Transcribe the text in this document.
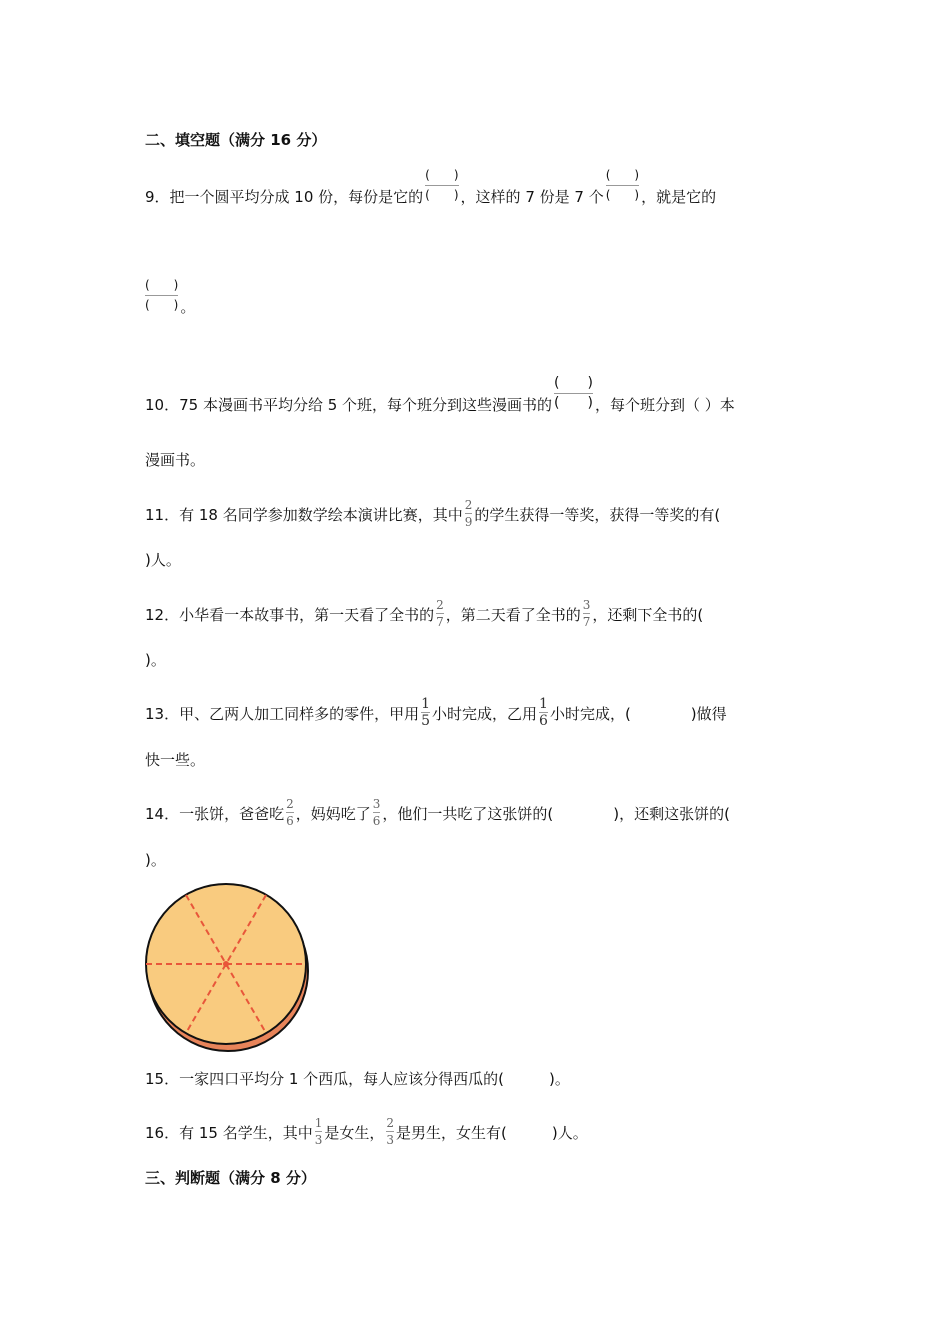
二、填空题（满分 16 分）
9．把一个圆平均分成 10 份，每份是它的
(　　)
(　　) ，这样的 7 份是 7 个
(　　)
(　　) ，就是它的
(　　)
(　　) 。
10．75 本漫画书平均分给 5 个班，每个班分到这些漫画书的
(　　)
(　　) ，每个班分到（ ）本
漫画书。
11．有 18 名同学参加数学绘本演讲比赛，其中 $\frac{2}{9}$ 的学生获得一等奖，获得一等奖的有(
)人。
12．小华看一本故事书，第一天看了全书的 $\frac{2}{7}$ ，第二天看了全书的 $\frac{3}{7}$ ，还剩下全书的(
)。
13．甲、乙两人加工同样多的零件，甲用 $\frac{1}{5}$ 小时完成，乙用 $\frac{1}{6}$ 小时完成，(　　　　)做得
快一些。
14．一张饼，爸爸吃 $\frac{2}{6}$ ，妈妈吃了 $\frac{3}{6}$ ，他们一共吃了这张饼的(　　　　)，还剩这张饼的(
)。
15．一家四口平均分 1 个西瓜，每人应该分得西瓜的(　　　)。
16．有 15 名学生，其中 $\frac{1}{3}$ 是女生， $\frac{2}{3}$ 是男生，女生有(　　　)人。
三、判断题（满分 8 分）
